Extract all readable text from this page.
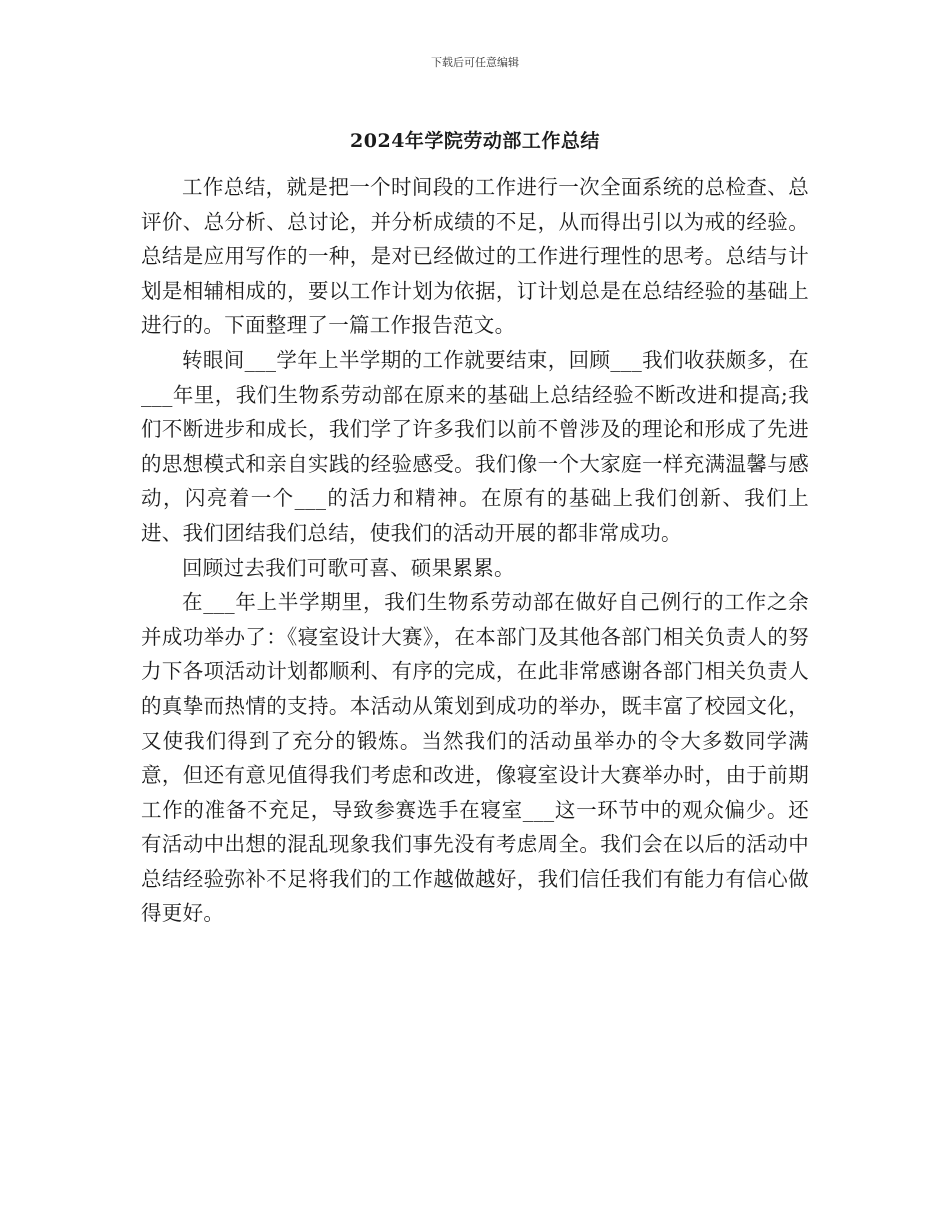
下载后可任意编辑
2024年学院劳动部工作总结

工作总结，就是把一个时间段的工作进行一次全面系统的总检查、总评价、总分析、总讨论，并分析成绩的不足，从而得出引以为戒的经验。总结是应用写作的一种，是对已经做过的工作进行理性的思考。总结与计划是相辅相成的，要以工作计划为依据，订计划总是在总结经验的基础上进行的。下面整理了一篇工作报告范文。

转眼间___学年上半学期的工作就要结束，回顾___我们收获颇多，在___年里，我们生物系劳动部在原来的基础上总结经验不断改进和提高;我们不断进步和成长，我们学了许多我们以前不曾涉及的理论和形成了先进的思想模式和亲自实践的经验感受。我们像一个大家庭一样充满温馨与感动，闪亮着一个___的活力和精神。在原有的基础上我们创新、我们上进、我们团结我们总结，使我们的活动开展的都非常成功。

回顾过去我们可歌可喜、硕果累累。

在___年上半学期里，我们生物系劳动部在做好自己例行的工作之余并成功举办了：《寝室设计大赛》，在本部门及其他各部门相关负责人的努力下各项活动计划都顺利、有序的完成，在此非常感谢各部门相关负责人的真挚而热情的支持。本活动从策划到成功的举办，既丰富了校园文化，又使我们得到了充分的锻炼。当然我们的活动虽举办的令大多数同学满意，但还有意见值得我们考虑和改进，像寝室设计大赛举办时，由于前期工作的准备不充足，导致参赛选手在寝室___这一环节中的观众偏少。还有活动中出想的混乱现象我们事先没有考虑周全。我们会在以后的活动中总结经验弥补不足将我们的工作越做越好，我们信任我们有能力有信心做得更好。
